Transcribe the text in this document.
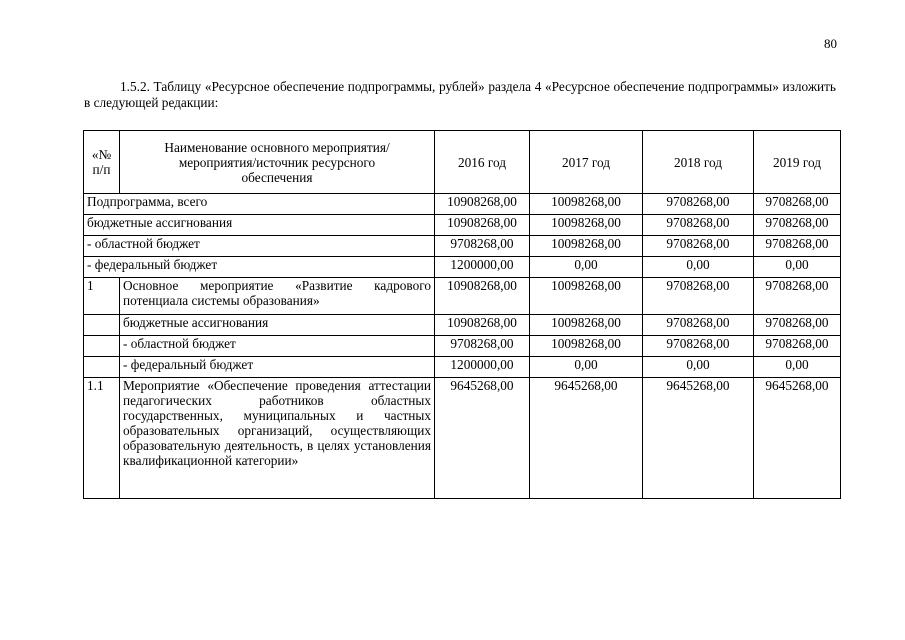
80
1.5.2. Таблицу «Ресурсное обеспечение подпрограммы, рублей» раздела 4 «Ресурсное обеспечение подпрограммы» изложить в следующей редакции:
«№ п/п	Наименование основного мероприятия/мероприятия/источник ресурсного обеспечения	2016 год	2017 год	2018 год	2019 год
Подпрограмма, всего		10908268,00	10098268,00	9708268,00	9708268,00
бюджетные ассигнования		10908268,00	10098268,00	9708268,00	9708268,00
- областной бюджет		9708268,00	10098268,00	9708268,00	9708268,00
- федеральный бюджет		1200000,00	0,00	0,00	0,00
1	Основное мероприятие «Развитие кадрового
потенциала системы образования»	10908268,00	10098268,00	9708268,00	9708268,00
	бюджетные ассигнования	10908268,00	10098268,00	9708268,00	9708268,00
	- областной бюджет	9708268,00	10098268,00	9708268,00	9708268,00
	- федеральный бюджет	1200000,00	0,00	0,00	0,00
1.1	Мероприятие «Обеспечение проведения аттестации педагогических работников областных государственных, муниципальных и частных образовательных организаций, осуществляющих образовательную деятельность, в целях установления
квалификационной категории»	9645268,00	9645268,00	9645268,00	9645268,00
